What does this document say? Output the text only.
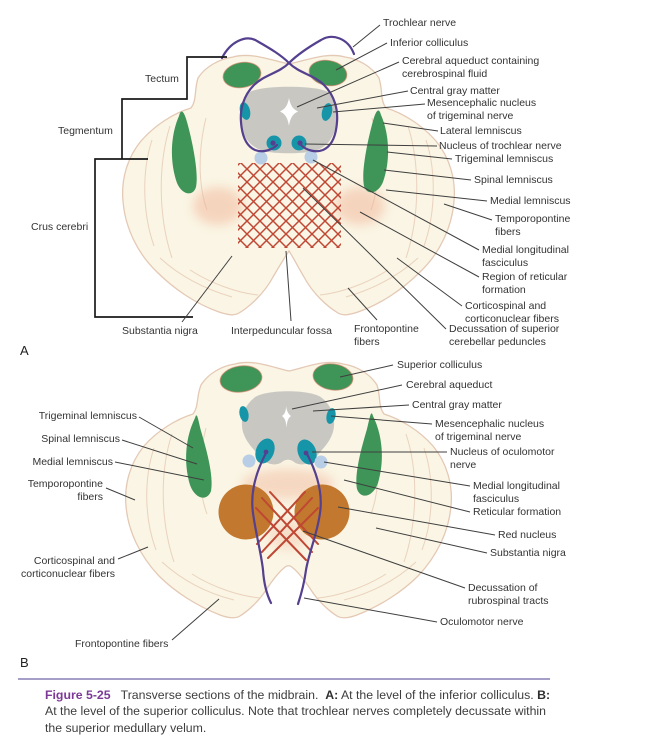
Tectum
Tegmentum
Crus cerebri
Substantia nigra	Interpeduncular fossa Frontopontine fibers
A
Trochlear nerve
Inferior colliculus
Cerebral aqueduct containing cerebrospinal fluid
Central gray matter
Mesencephalic nucleus of trigeminal nerve
Lateral lemniscus
Nucleus of trochlear nerve
Trigeminal lemniscus
Spinal lemniscus
Medial lemniscus
Temporopontine fibers
Medial longitudinal fasciculus
Region of reticular formation
Corticospinal and corticonuclear fibers
Decussation of superior cerebellar peduncles
Trigeminal lemniscus
Spinal lemniscus
Medial lemniscus
Temporopontine fibers
Corticospinal and corticonuclear fibers
Frontopontine fibers
B
Superior colliculus
Cerebral aqueduct
Central gray matter
Mesencephalic nucleus of trigeminal nerve
Nucleus of oculomotor nerve
Medial longitudinal fasciculus
Reticular formation
Red nucleus
Substantia nigra
Decussation of rubrospinal tracts
Oculomotor nerve
Figure 5-25 Transverse sections of the midbrain. A: At the level of the inferior colliculus. B: At the level of the superior colliculus. Note that trochlear nerves completely decussate within the superior medullary velum.
